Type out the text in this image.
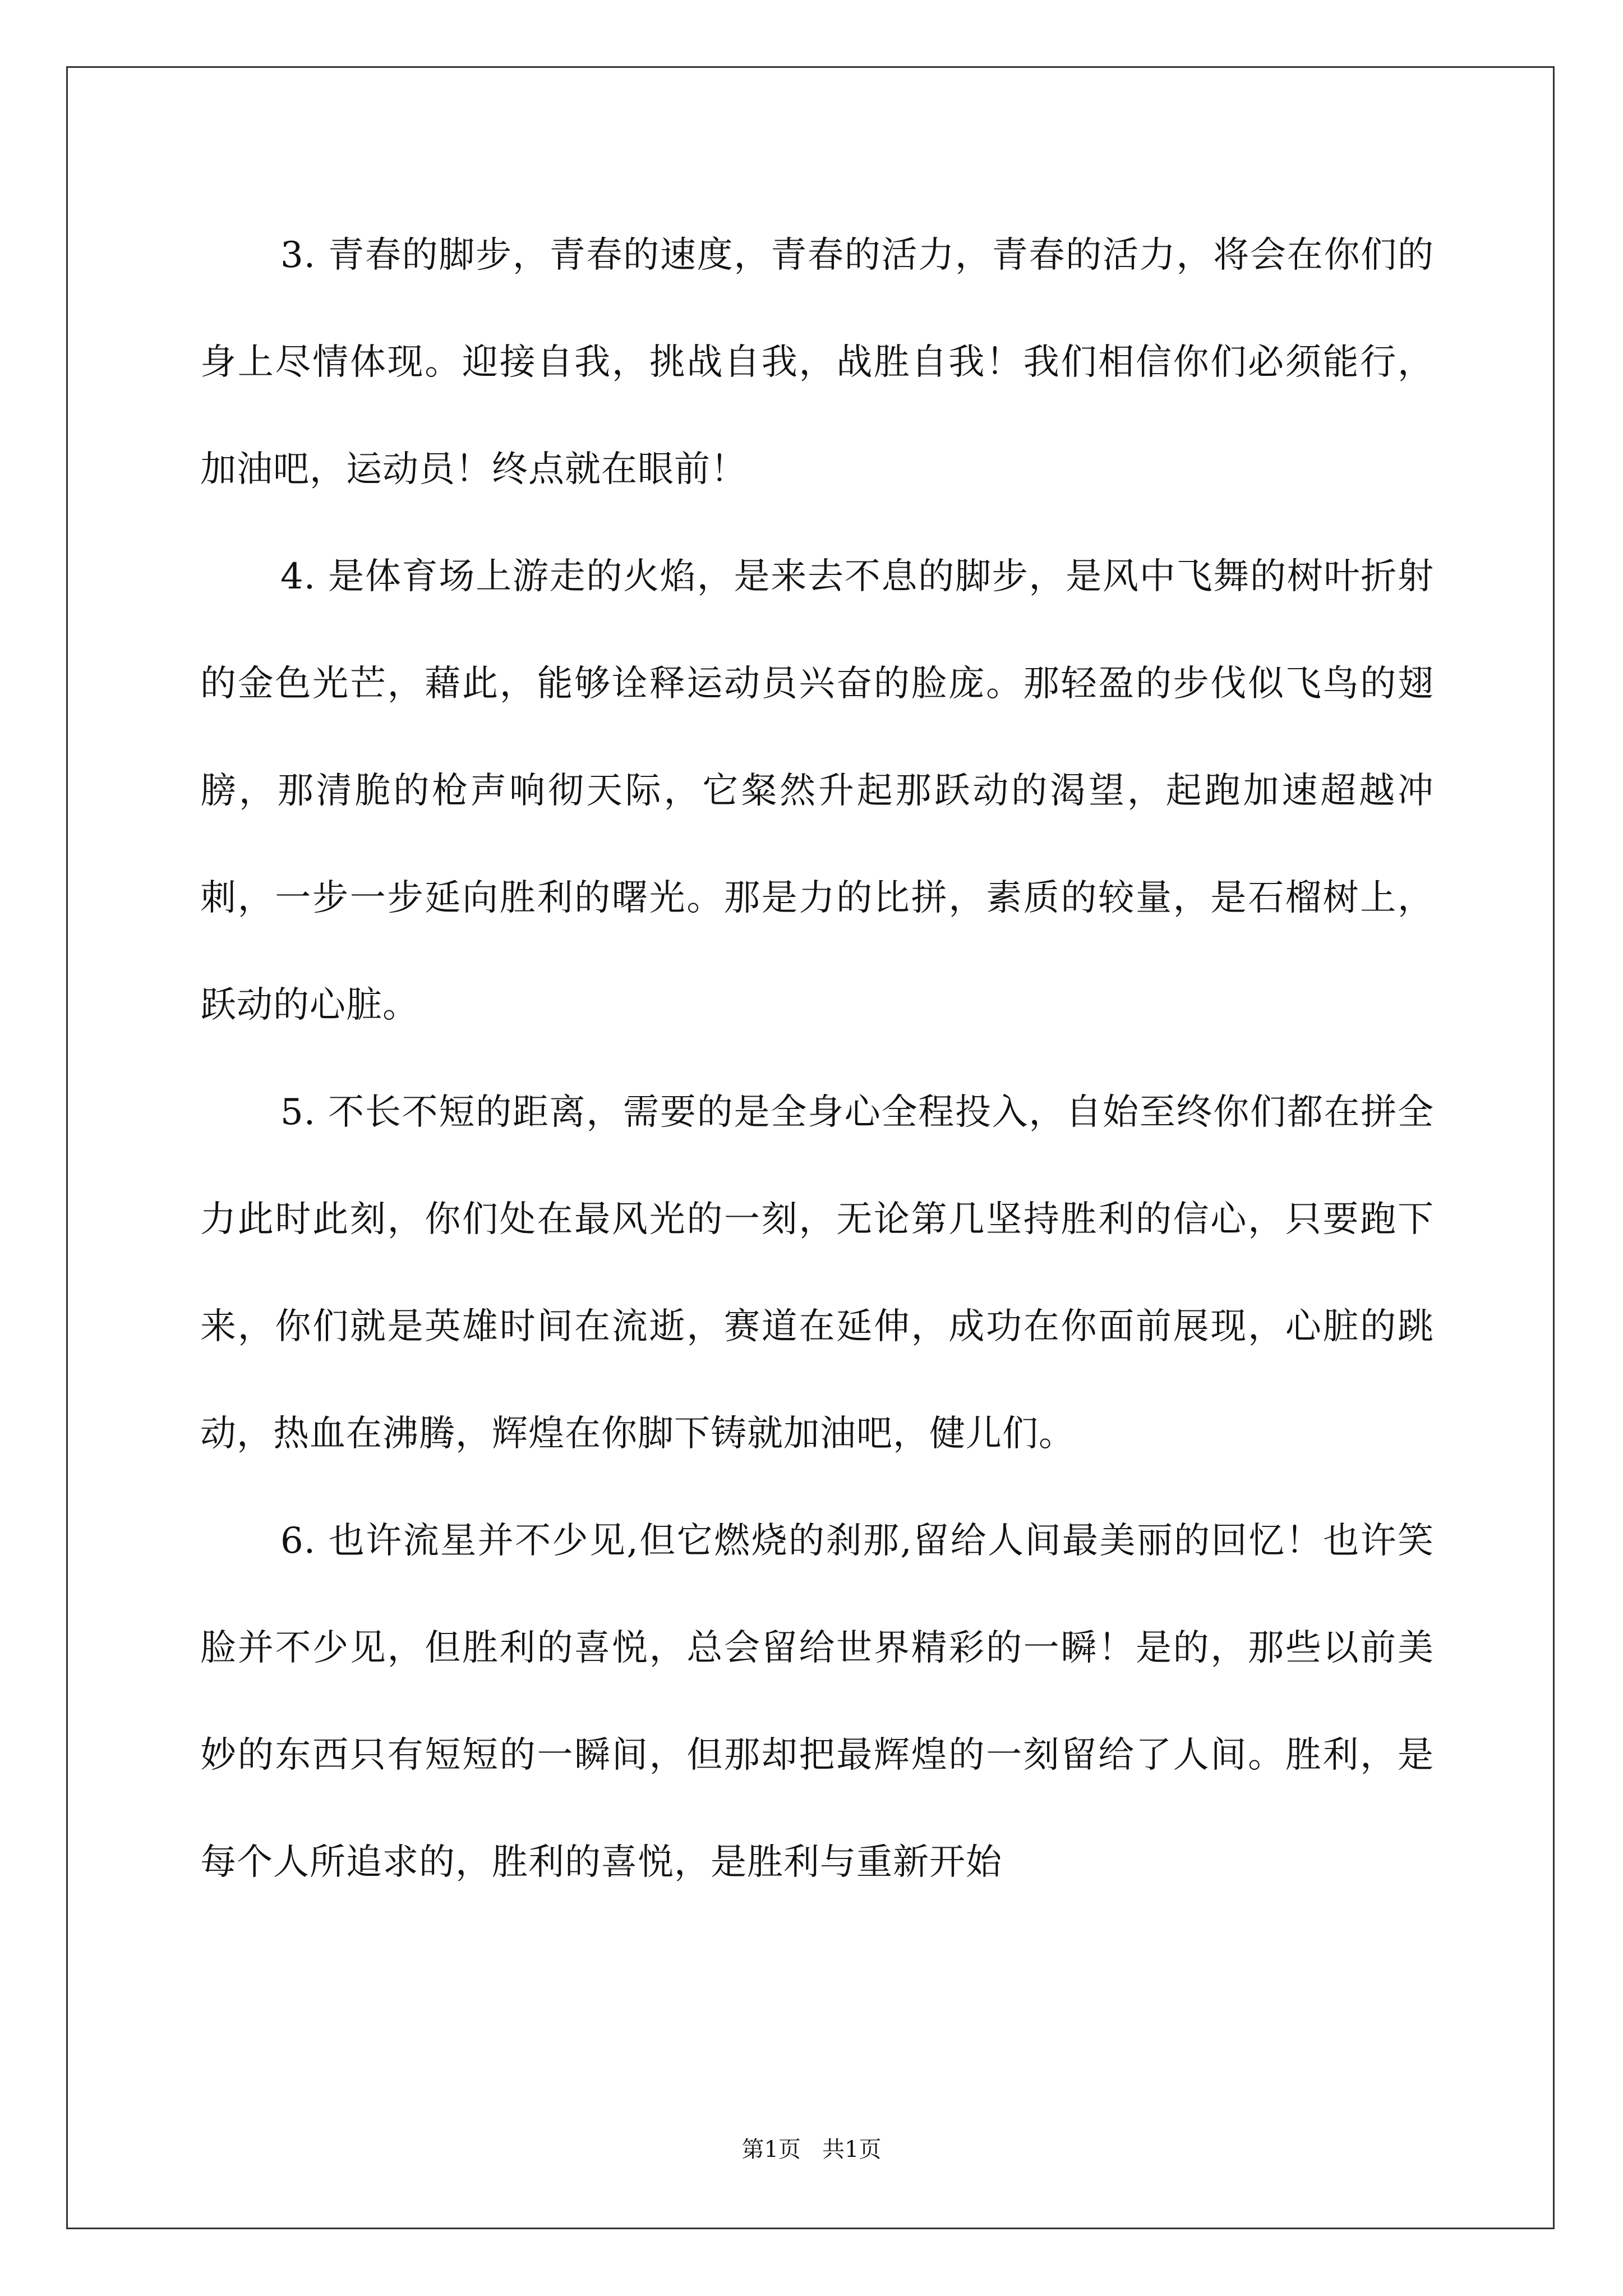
3. 青春的脚步，青春的速度，青春的活力，青春的活力，将会在你们的身上尽情体现。迎接自我，挑战自我，战胜自我！我们相信你们必须能行，加油吧，运动员！终点就在眼前！

4. 是体育场上游走的火焰，是来去不息的脚步，是风中飞舞的树叶折射的金色光芒，藉此，能够诠释运动员兴奋的脸庞。那轻盈的步伐似飞鸟的翅膀，那清脆的枪声响彻天际，它粲然升起那跃动的渴望，起跑加速超越冲刺，一步一步延向胜利的曙光。那是力的比拼，素质的较量，是石榴树上，跃动的心脏。

5. 不长不短的距离，需要的是全身心全程投入，自始至终你们都在拼全力此时此刻，你们处在最风光的一刻，无论第几坚持胜利的信心，只要跑下来，你们就是英雄时间在流逝，赛道在延伸，成功在你面前展现，心脏的跳动，热血在沸腾，辉煌在你脚下铸就加油吧，健儿们。

6. 也许流星并不少见,但它燃烧的刹那,留给人间最美丽的回忆！也许笑脸并不少见，但胜利的喜悦，总会留给世界精彩的一瞬！是的，那些以前美妙的东西只有短短的一瞬间，但那却把最辉煌的一刻留给了人间。胜利，是每个人所追求的，胜利的喜悦，是胜利与重新开始

第1页   共1页
